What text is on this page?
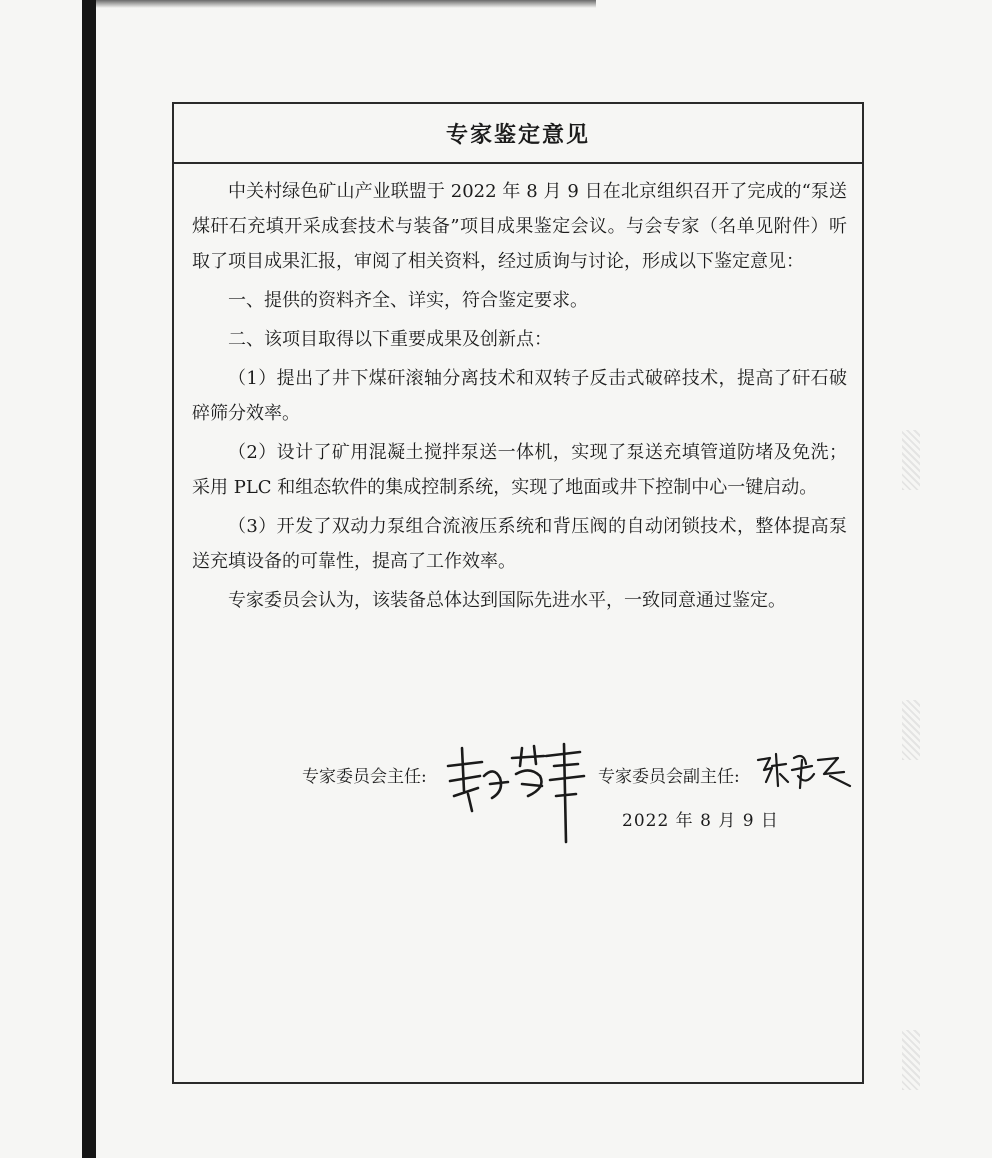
专家鉴定意见

中关村绿色矿山产业联盟于 2022 年 8 月 9 日在北京组织召开了完成的“泵送煤矸石充填开采成套技术与装备”项目成果鉴定会议。与会专家（名单见附件）听取了项目成果汇报，审阅了相关资料，经过质询与讨论，形成以下鉴定意见：

一、提供的资料齐全、详实，符合鉴定要求。

二、该项目取得以下重要成果及创新点：

（1）提出了井下煤矸滚轴分离技术和双转子反击式破碎技术，提高了矸石破碎筛分效率。

（2）设计了矿用混凝土搅拌泵送一体机，实现了泵送充填管道防堵及免洗；采用 PLC 和组态软件的集成控制系统，实现了地面或井下控制中心一键启动。

（3）开发了双动力泵组合流液压系统和背压阀的自动闭锁技术，整体提高泵送充填设备的可靠性，提高了工作效率。

专家委员会认为，该装备总体达到国际先进水平，一致同意通过鉴定。

专家委员会主任:	专家委员会副主任:
2022 年 8 月 9 日
